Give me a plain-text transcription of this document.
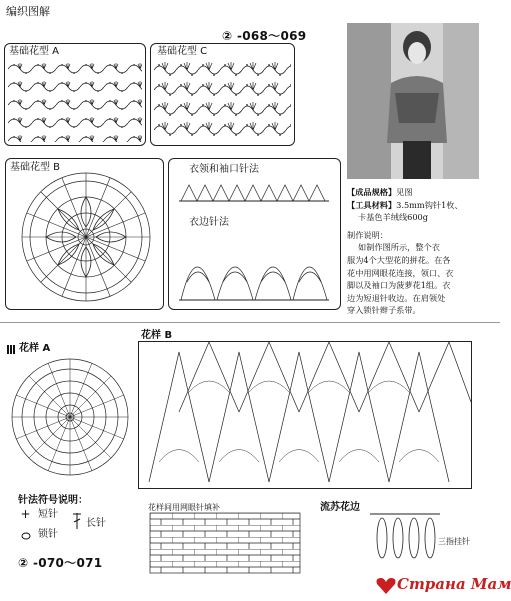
编织图解
② -068～069
基础花型 A	基础花型 C
基础花型 B	衣领和袖口针法
衣边针法

【成品规格】见图

【工具材料】3.5mm钩针1枚、

卡基色羊绒线600g

制作说明：

如制作图所示，整个衣

服为4个大型花的拼花。在各

花中用网眼花连接，领口、衣

脚以及袖口为菠萝花1组。衣

边为短退针收边。在肩领处

穿入锁针辫子系带。

花样 A
花样 B
针法符号说明：
+ 短针
长针
锁针
花样间用网眼针填补	流苏花边
三指挂针
② -070～071
Страна Мам
